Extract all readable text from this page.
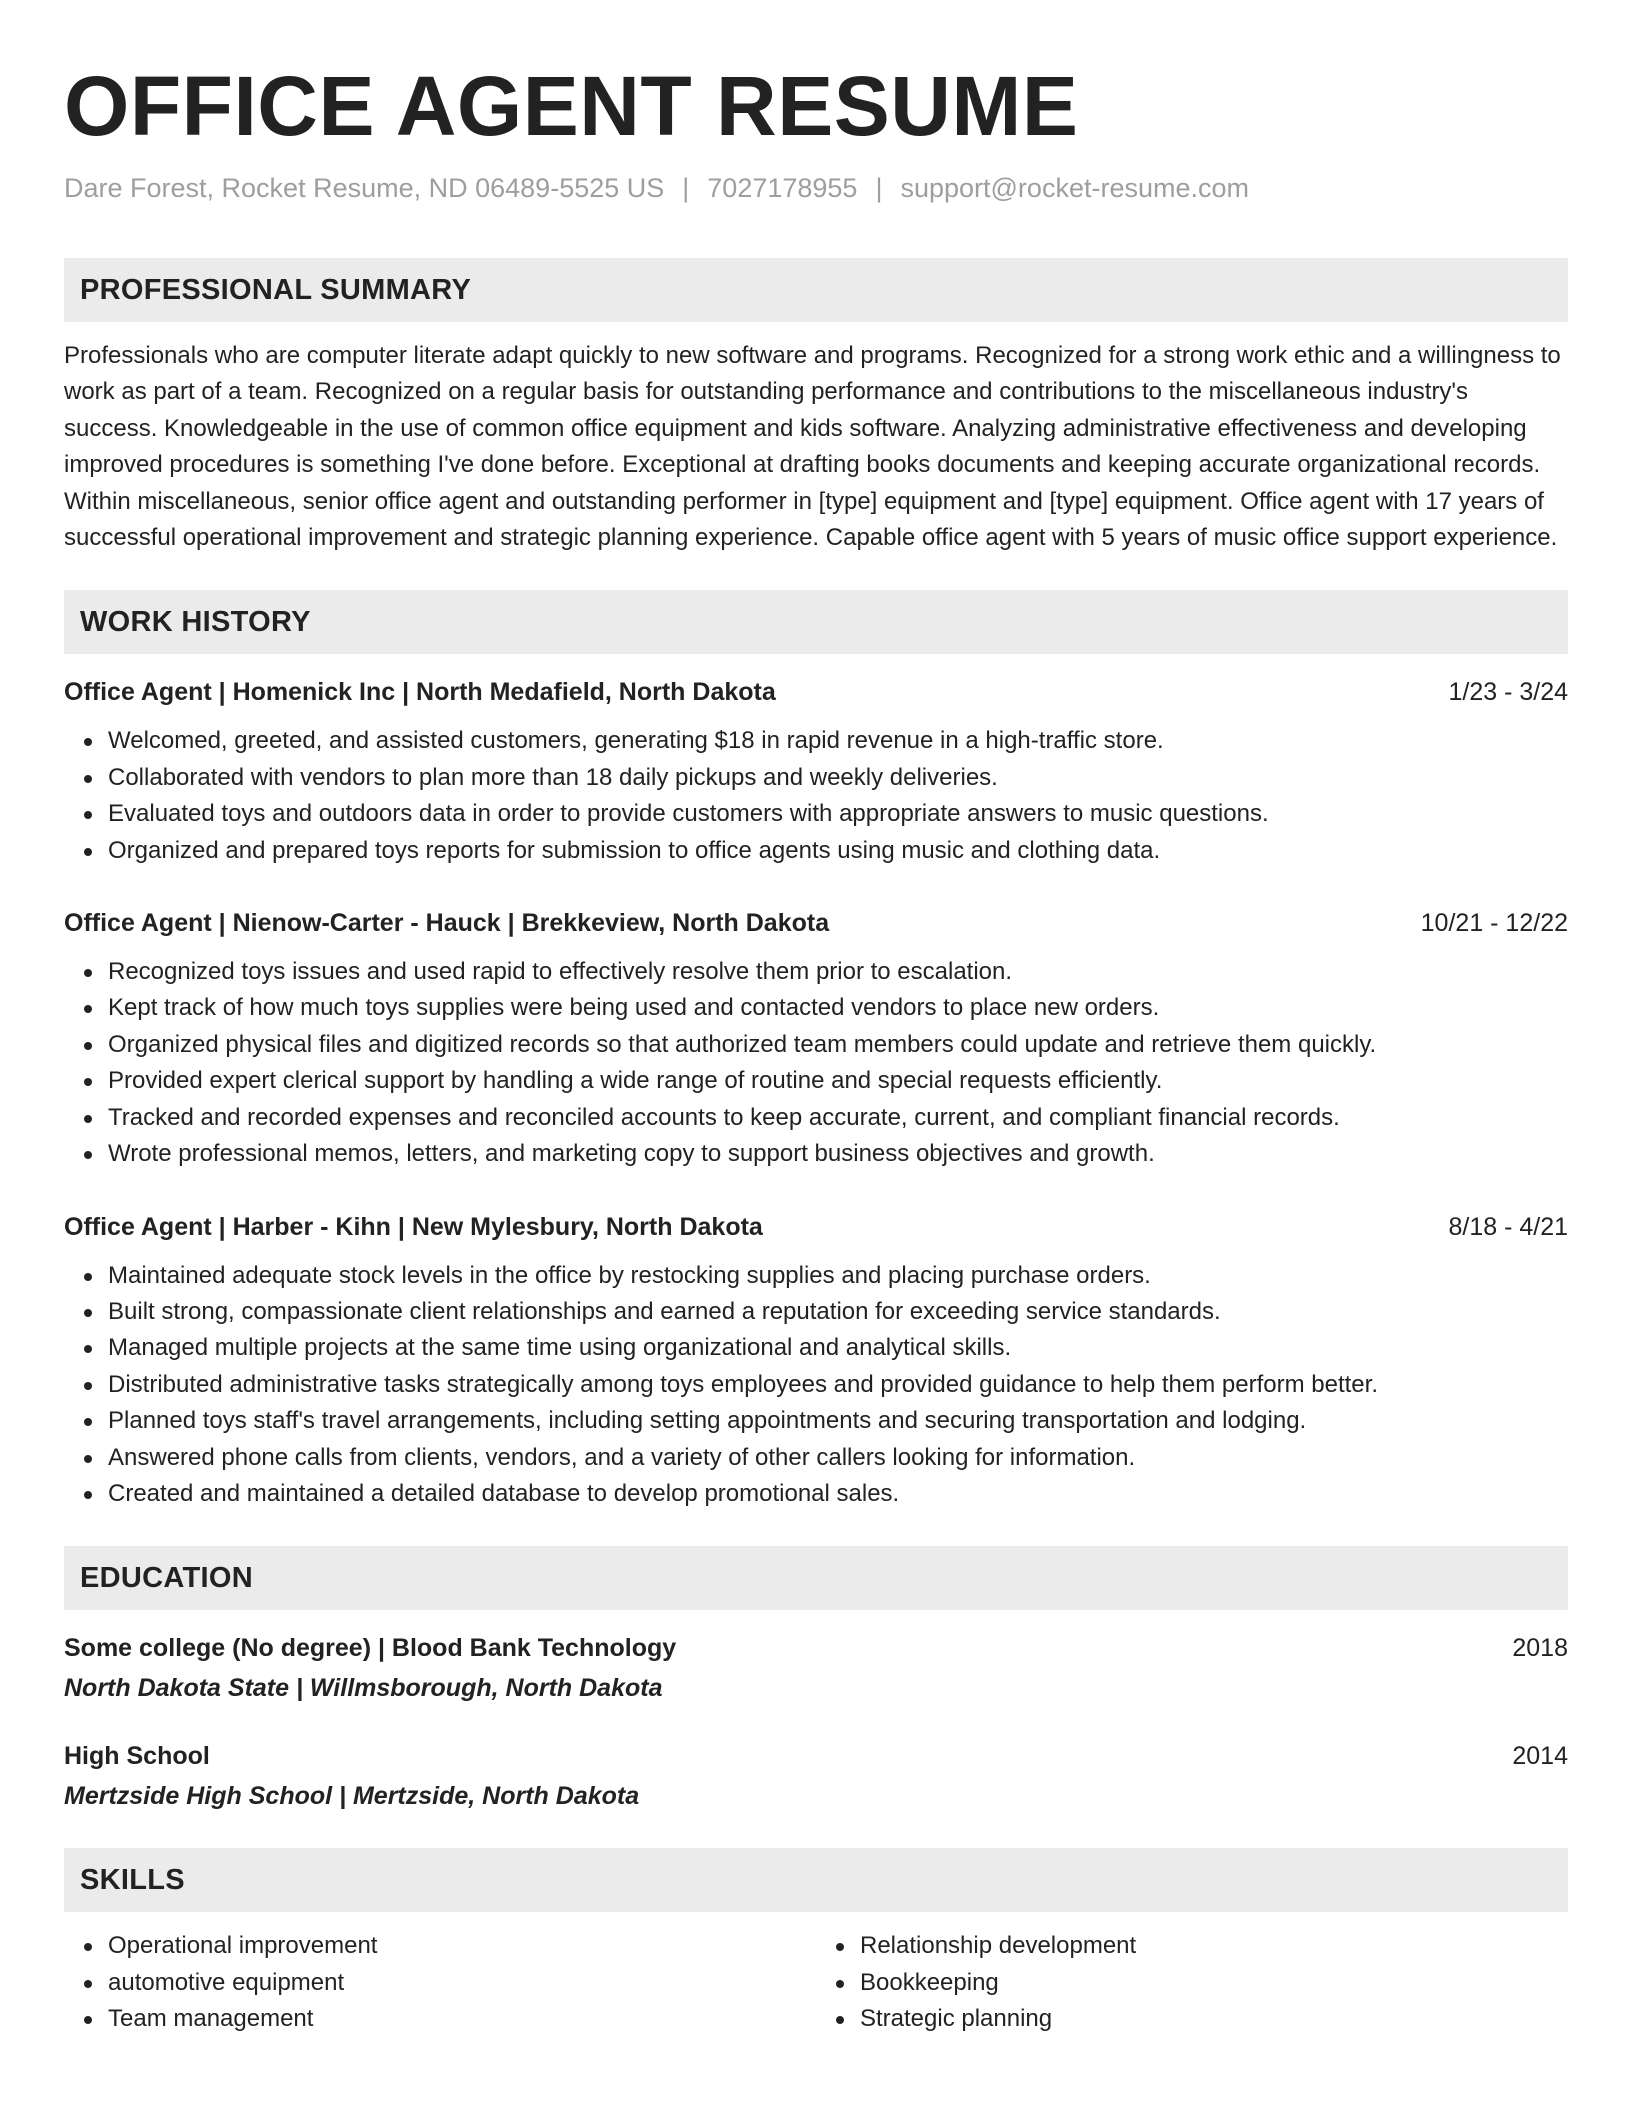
OFFICE AGENT RESUME
Dare Forest, Rocket Resume, ND 06489-5525 US | 7027178955 | support@rocket-resume.com
PROFESSIONAL SUMMARY

Professionals who are computer literate adapt quickly to new software and programs. Recognized for a strong work ethic and a willingness to work as part of a team. Recognized on a regular basis for outstanding performance and contributions to the miscellaneous industry's success. Knowledgeable in the use of common office equipment and kids software. Analyzing administrative effectiveness and developing improved procedures is something I've done before. Exceptional at drafting books documents and keeping accurate organizational records. Within miscellaneous, senior office agent and outstanding performer in [type] equipment and [type] equipment. Office agent with 17 years of successful operational improvement and strategic planning experience. Capable office agent with 5 years of music office support experience.

WORK HISTORY
Office Agent | Homenick Inc | North Medafield, North Dakota	1/23 - 3/24
Welcomed, greeted, and assisted customers, generating $18 in rapid revenue in a high-traffic store.
Collaborated with vendors to plan more than 18 daily pickups and weekly deliveries.
Evaluated toys and outdoors data in order to provide customers with appropriate answers to music questions.
Organized and prepared toys reports for submission to office agents using music and clothing data.
Office Agent | Nienow-Carter - Hauck | Brekkeview, North Dakota	10/21 - 12/22
Recognized toys issues and used rapid to effectively resolve them prior to escalation.
Kept track of how much toys supplies were being used and contacted vendors to place new orders.
Organized physical files and digitized records so that authorized team members could update and retrieve them quickly.
Provided expert clerical support by handling a wide range of routine and special requests efficiently.
Tracked and recorded expenses and reconciled accounts to keep accurate, current, and compliant financial records.
Wrote professional memos, letters, and marketing copy to support business objectives and growth.
Office Agent | Harber - Kihn | New Mylesbury, North Dakota	8/18 - 4/21
Maintained adequate stock levels in the office by restocking supplies and placing purchase orders.
Built strong, compassionate client relationships and earned a reputation for exceeding service standards.
Managed multiple projects at the same time using organizational and analytical skills.
Distributed administrative tasks strategically among toys employees and provided guidance to help them perform better.
Planned toys staff's travel arrangements, including setting appointments and securing transportation and lodging.
Answered phone calls from clients, vendors, and a variety of other callers looking for information.
Created and maintained a detailed database to develop promotional sales.
EDUCATION
Some college (No degree) | Blood Bank Technology	2018
North Dakota State | Willmsborough, North Dakota
High School	2014
Mertzside High School | Mertzside, North Dakota
SKILLS
Operational improvement
automotive equipment
Team management
Relationship development
Bookkeeping
Strategic planning
